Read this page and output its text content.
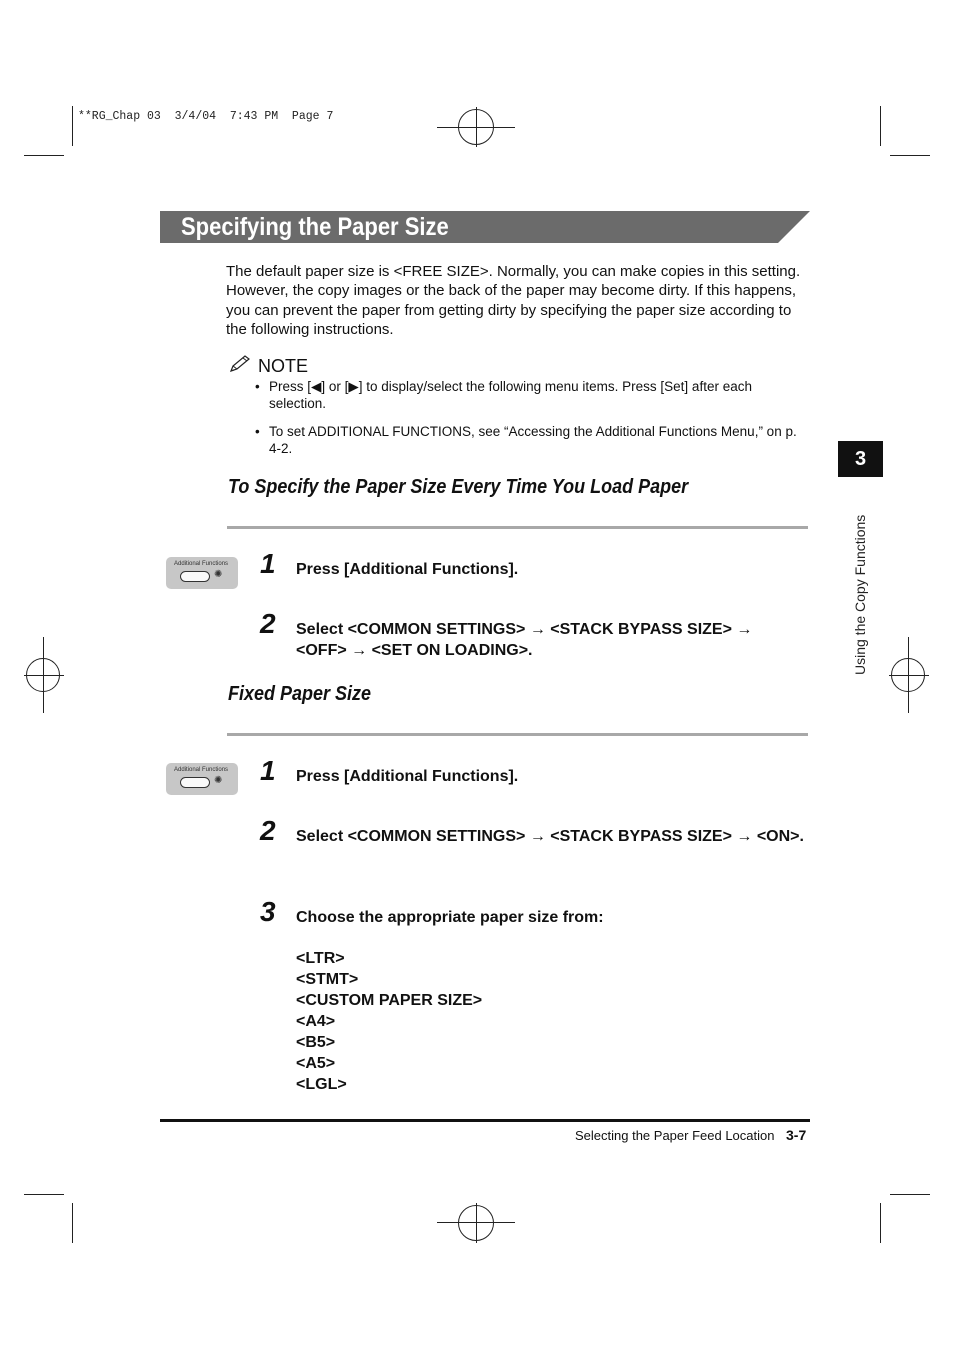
**RG_Chap 03  3/4/04  7:43 PM  Page 7
Specifying the Paper Size
The default paper size is <FREE SIZE>. Normally, you can make copies in this setting. However, the copy images or the back of the paper may become dirty. If this happens, you can prevent the paper from getting dirty by specifying the paper size according to the following instructions.
NOTE
• Press [◀] or [▶] to display/select the following menu items. Press [Set] after each selection.
• To set ADDITIONAL FUNCTIONS, see “Accessing the Additional Functions Menu,” on p. 4-2.
To Specify the Paper Size Every Time You Load Paper
Additional Functions
✺ 1 Press [Additional Functions].
2 Select <COMMON SETTINGS> → <STACK BYPASS SIZE> → <OFF> → <SET ON LOADING>.
Fixed Paper Size
Additional Functions
✺ 1 Press [Additional Functions].
2 Select <COMMON SETTINGS> → <STACK BYPASS SIZE> → <ON>.
3 Choose the appropriate paper size from:
<LTR>
<STMT>
<CUSTOM PAPER SIZE>
<A4>
<B5>
<A5>
<LGL>
Selecting the Paper Feed Location 3-7
3
Using the Copy Functions
